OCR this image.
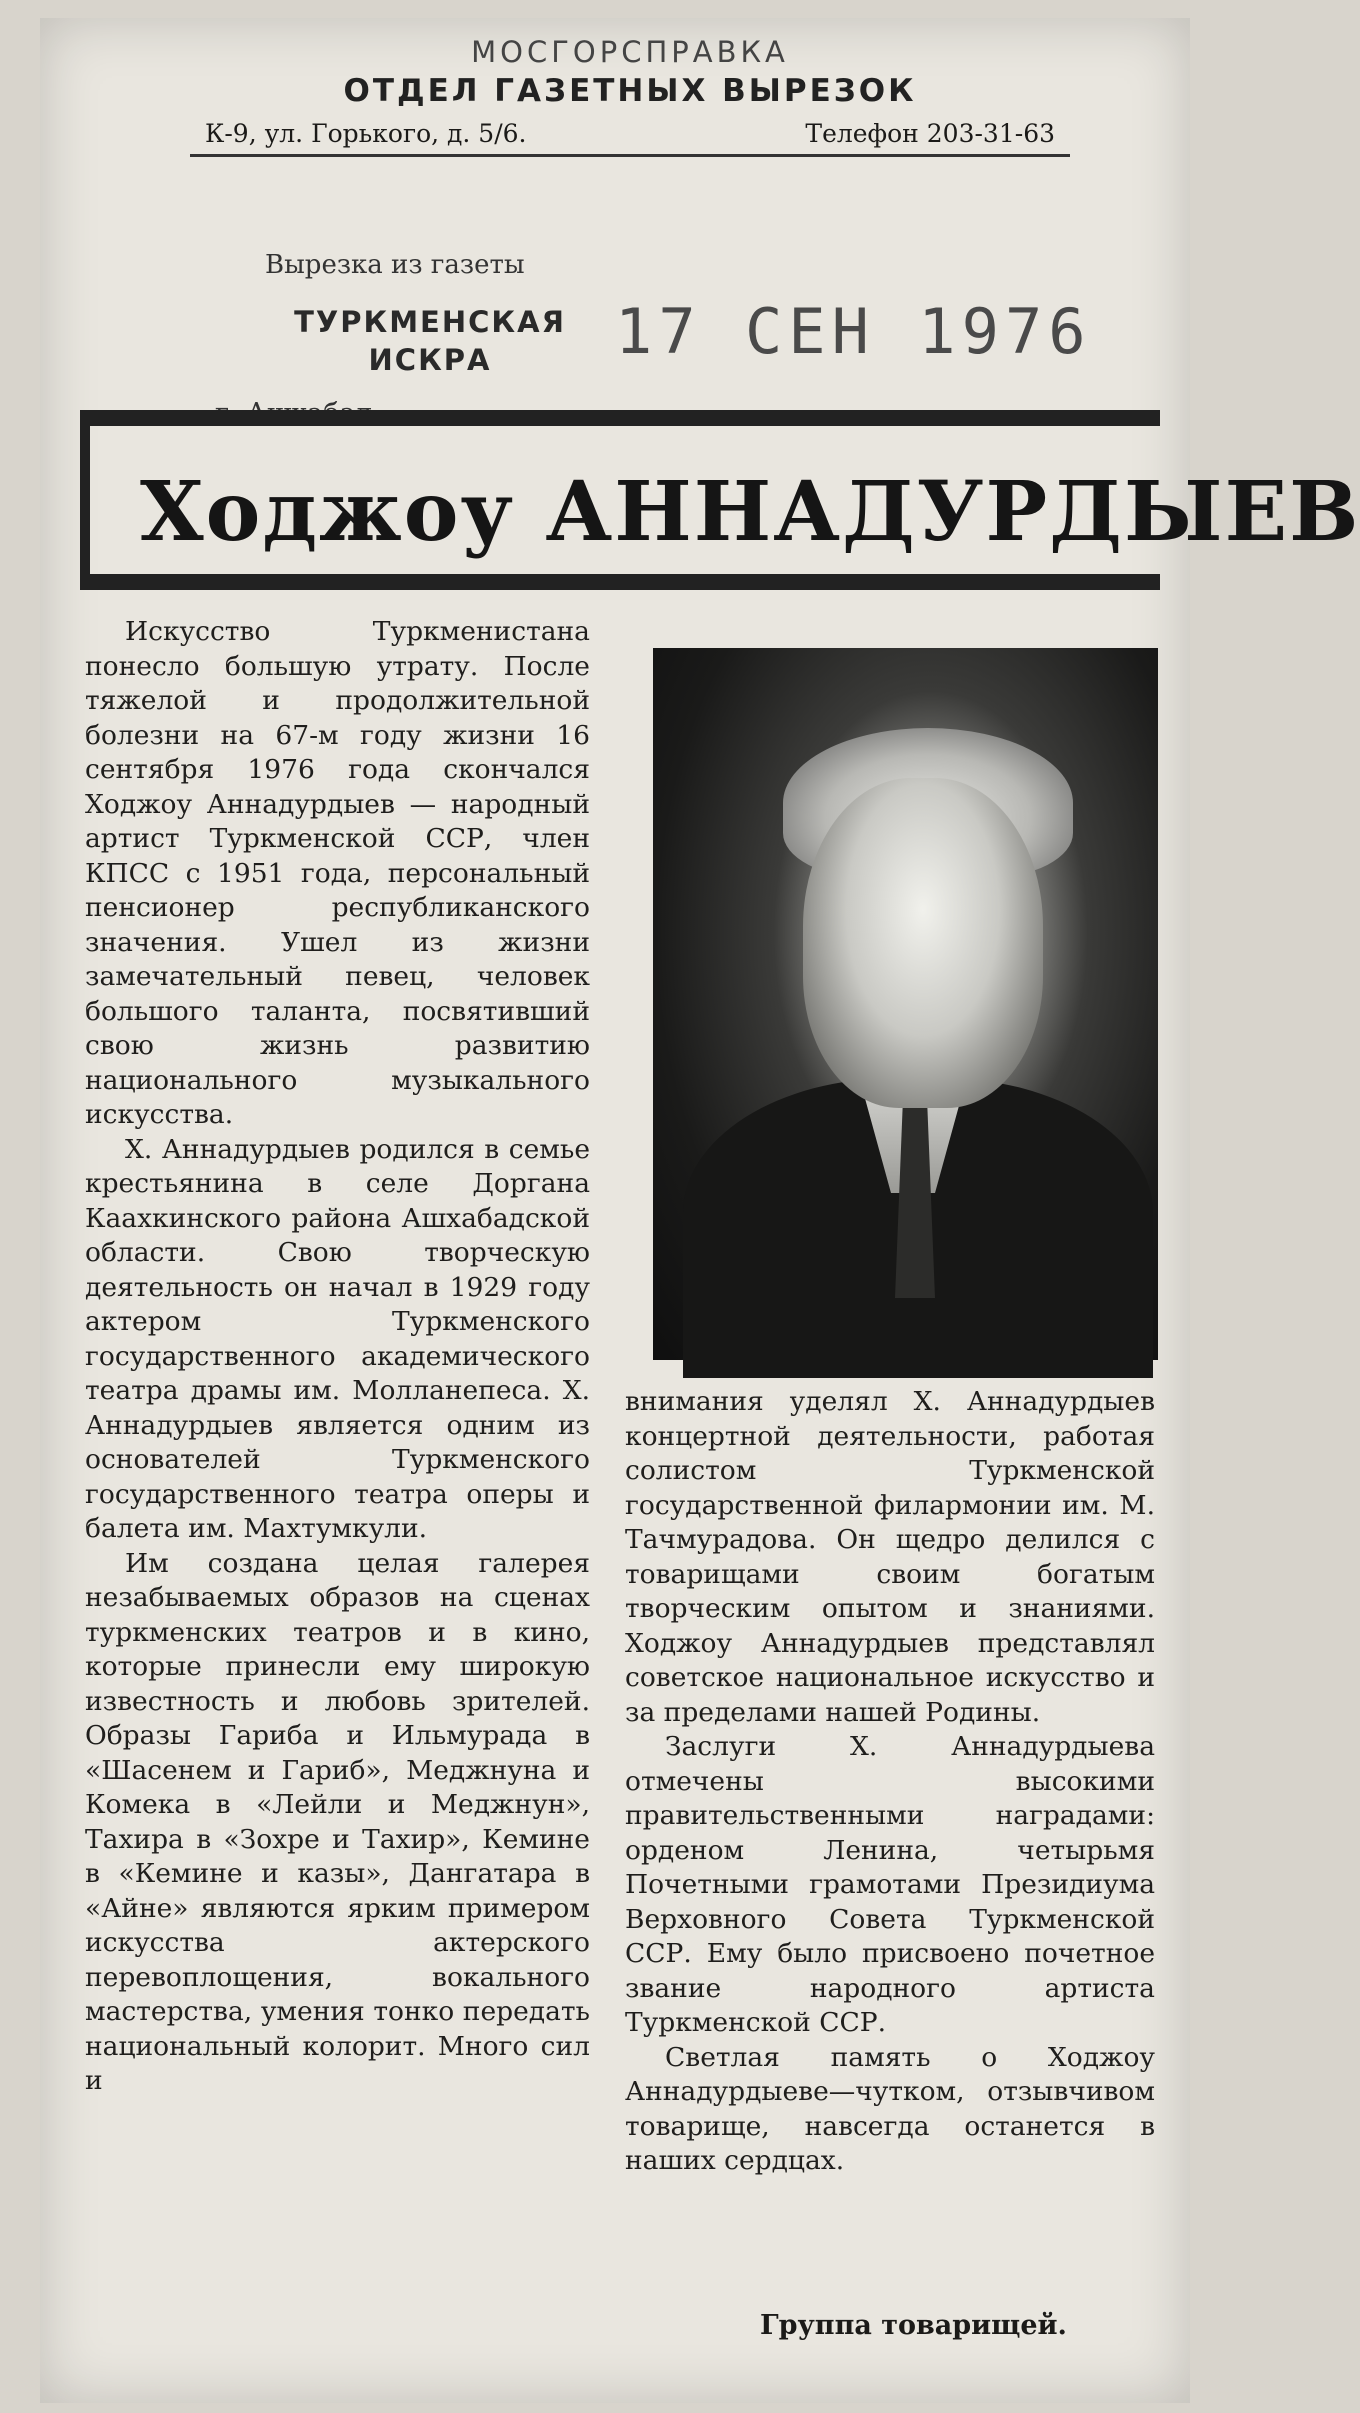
МОСГОРСПРАВКА
ОТДЕЛ ГАЗЕТНЫХ ВЫРЕЗОК
К-9, ул. Горького, д. 5/6.	Телефон 203-31-63
Вырезка из газеты
ТУРКМЕНСКАЯ
ИСКРА	17 СЕН 1976
г. Ашхабад
Ходжоу АННАДУРДЫЕВ

Искусство Туркменистана понесло большую утрату. После тяжелой и продолжительной болезни на 67-м году жизни 16 сентября 1976 года скончался Ходжоу Аннадурдыев — народный артист Туркменской ССР, член КПСС с 1951 года, персональный пенсионер республиканского значения. Ушел из жизни замечательный певец, человек большого таланта, посвятивший свою жизнь развитию национального музыкального искусства.

Х. Аннадурдыев родился в семье крестьянина в селе Доргана Каахкинского района Ашхабадской области. Свою творческую деятельность он начал в 1929 году актером Туркменского государственного академического театра драмы им. Молланепеса. Х. Аннадурдыев является одним из основателей Туркменского государственного театра оперы и балета им. Махтумкули.

Им создана целая галерея незабываемых образов на сценах туркменских театров и в кино, которые принесли ему широкую известность и любовь зрителей. Образы Гариба и Ильмурада в «Шасенем и Гариб», Меджнуна и Комека в «Лейли и Меджнун», Тахира в «Зохре и Тахир», Кемине в «Кемине и казы», Дангатара в «Айне» являются ярким примером искусства актерского перевоплощения, вокального мастерства, умения тонко передать национальный колорит. Много сил и

внимания уделял Х. Аннадурдыев концертной деятельности, работая солистом Туркменской государственной филармонии им. М. Тачмурадова. Он щедро делился с товарищами своим богатым творческим опытом и знаниями. Ходжоу Аннадурдыев представлял советское национальное искусство и за пределами нашей Родины.

Заслуги Х. Аннадурдыева отмечены высокими правительственными наградами: орденом Ленина, четырьмя Почетными грамотами Президиума Верховного Совета Туркменской ССР. Ему было присвоено почетное звание народного артиста Туркменской ССР.

Светлая память о Ходжоу Аннадурдыеве—чутком, отзывчивом товарище, навсегда останется в наших сердцах.

Группа товарищей.
